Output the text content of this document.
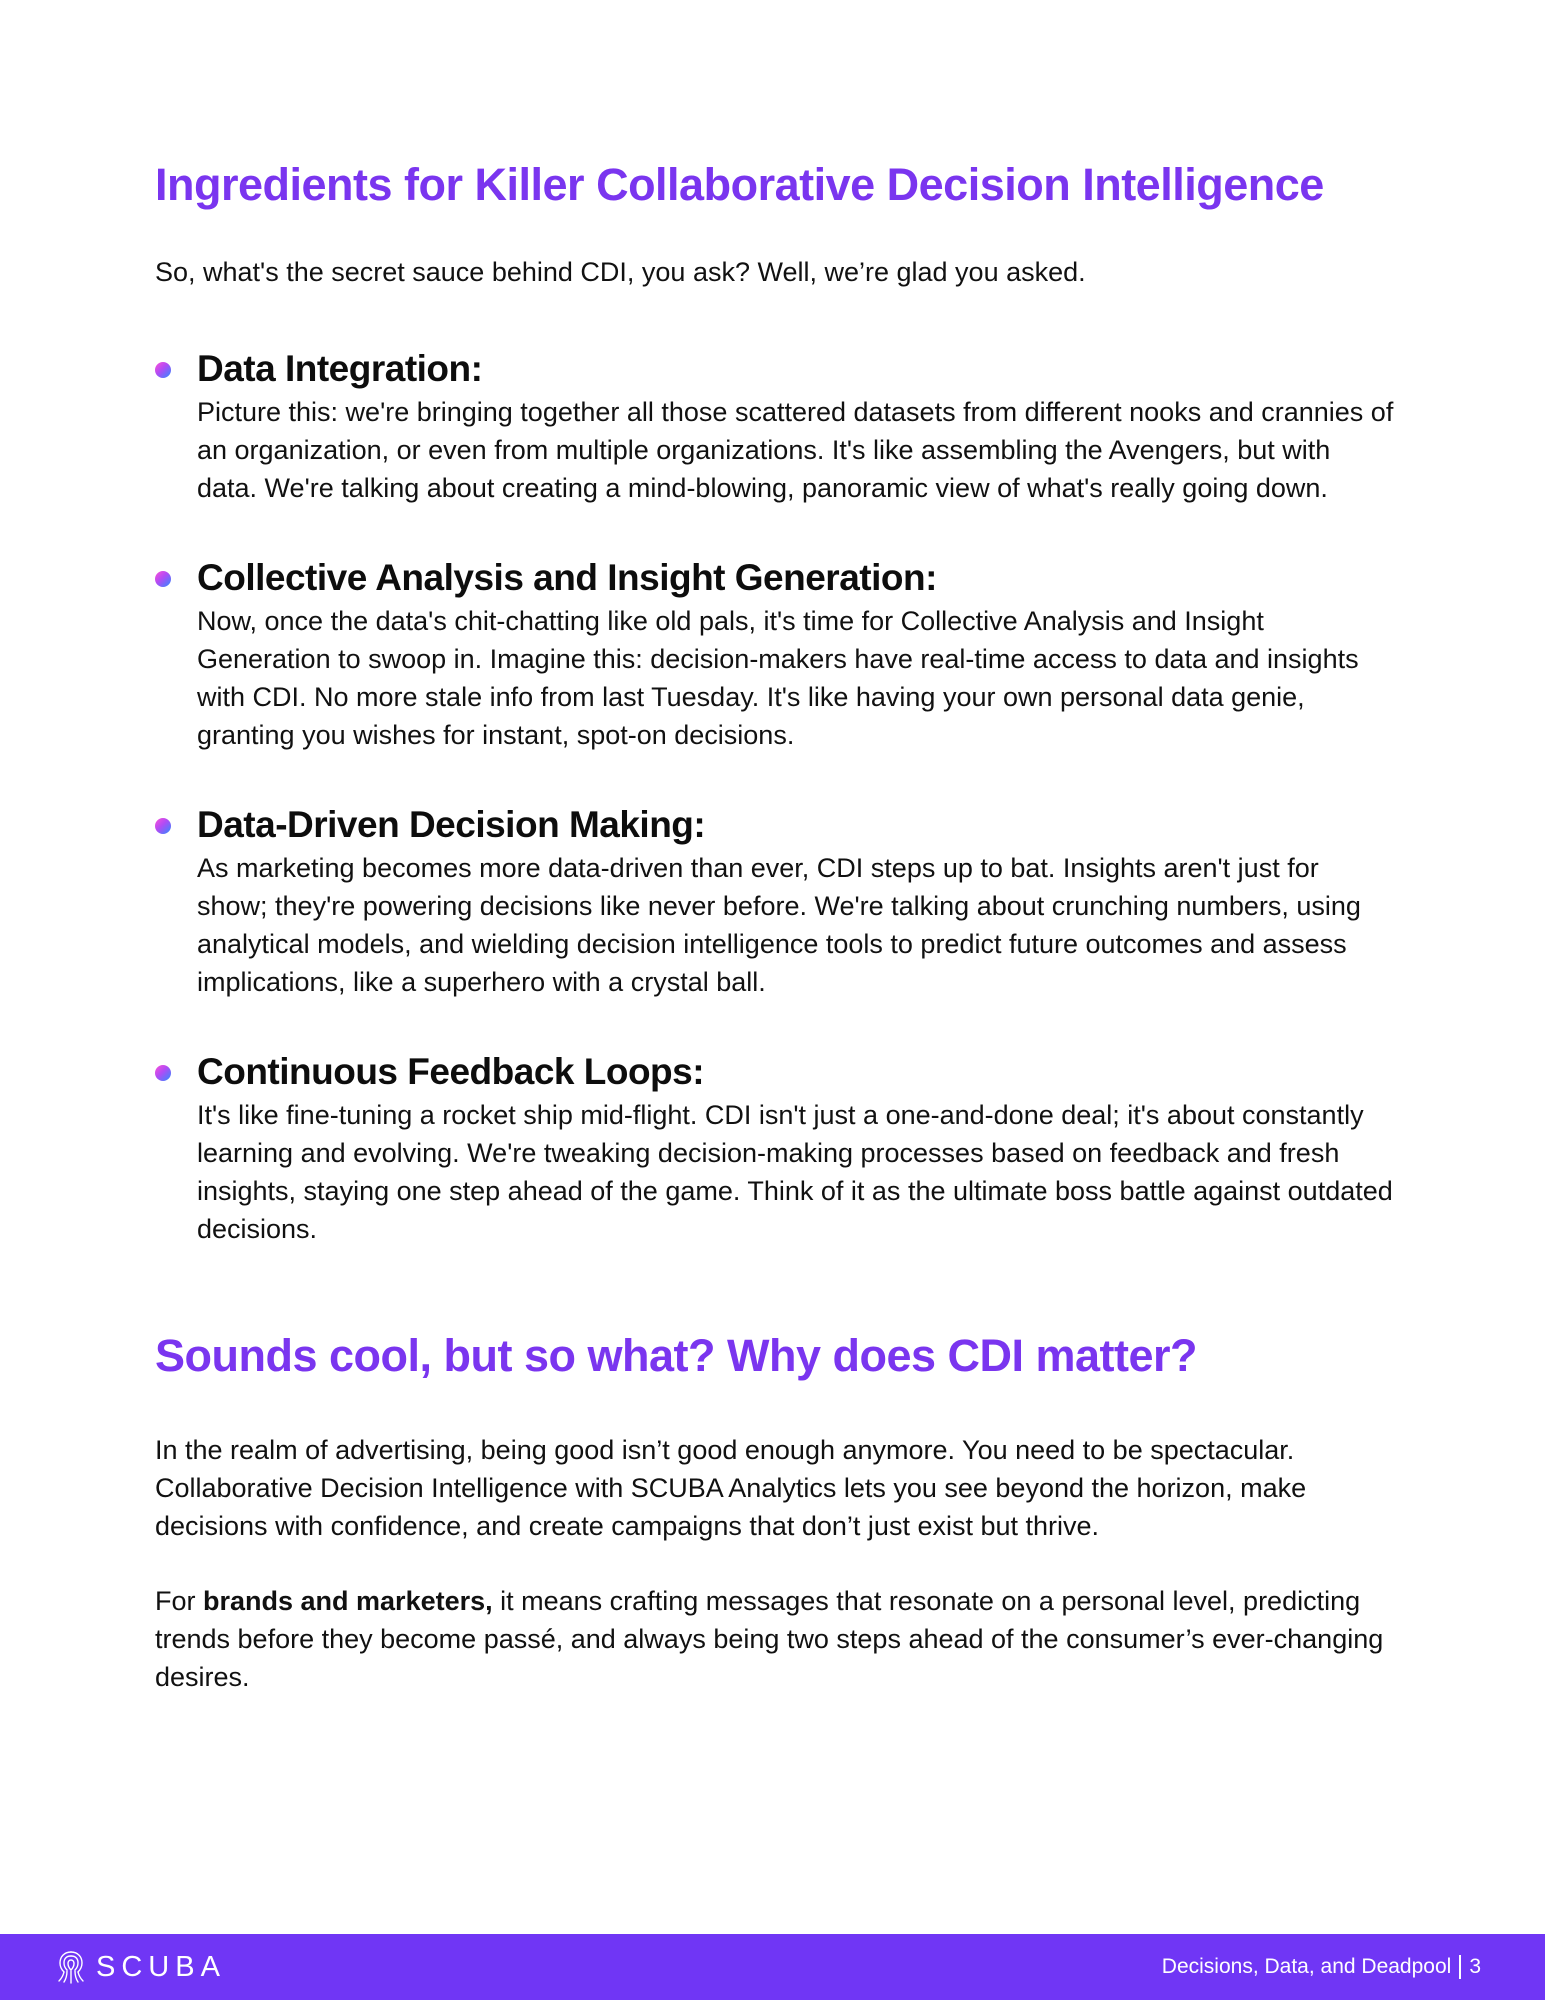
Ingredients for Killer Collaborative Decision Intelligence

So, what's the secret sauce behind CDI, you ask? Well, we’re glad you asked.

Data Integration:
Picture this: we're bringing together all those scattered datasets from different nooks and crannies of an organization, or even from multiple organizations. It's like assembling the Avengers, but with data. We're talking about creating a mind-blowing, panoramic view of what's really going down.
Collective Analysis and Insight Generation:
Now, once the data's chit-chatting like old pals, it's time for Collective Analysis and Insight Generation to swoop in. Imagine this: decision-makers have real-time access to data and insights with CDI. No more stale info from last Tuesday. It's like having your own personal data genie, granting you wishes for instant, spot-on decisions.
Data-Driven Decision Making:
As marketing becomes more data-driven than ever, CDI steps up to bat. Insights aren't just for show; they're powering decisions like never before. We're talking about crunching numbers, using analytical models, and wielding decision intelligence tools to predict future outcomes and assess implications, like a superhero with a crystal ball.
Continuous Feedback Loops:
It's like fine-tuning a rocket ship mid-flight. CDI isn't just a one-and-done deal; it's about constantly learning and evolving. We're tweaking decision-making processes based on feedback and fresh insights, staying one step ahead of the game. Think of it as the ultimate boss battle against outdated decisions.
Sounds cool, but so what? Why does CDI matter?

In the realm of advertising, being good isn’t good enough anymore. You need to be spectacular. Collaborative Decision Intelligence with SCUBA Analytics lets you see beyond the horizon, make decisions with confidence, and create campaigns that don’t just exist but thrive.

For brands and marketers, it means crafting messages that resonate on a personal level, predicting trends before they become passé, and always being two steps ahead of the consumer’s ever-changing desires.

SCUBA	Decisions, Data, and Deadpool 3
